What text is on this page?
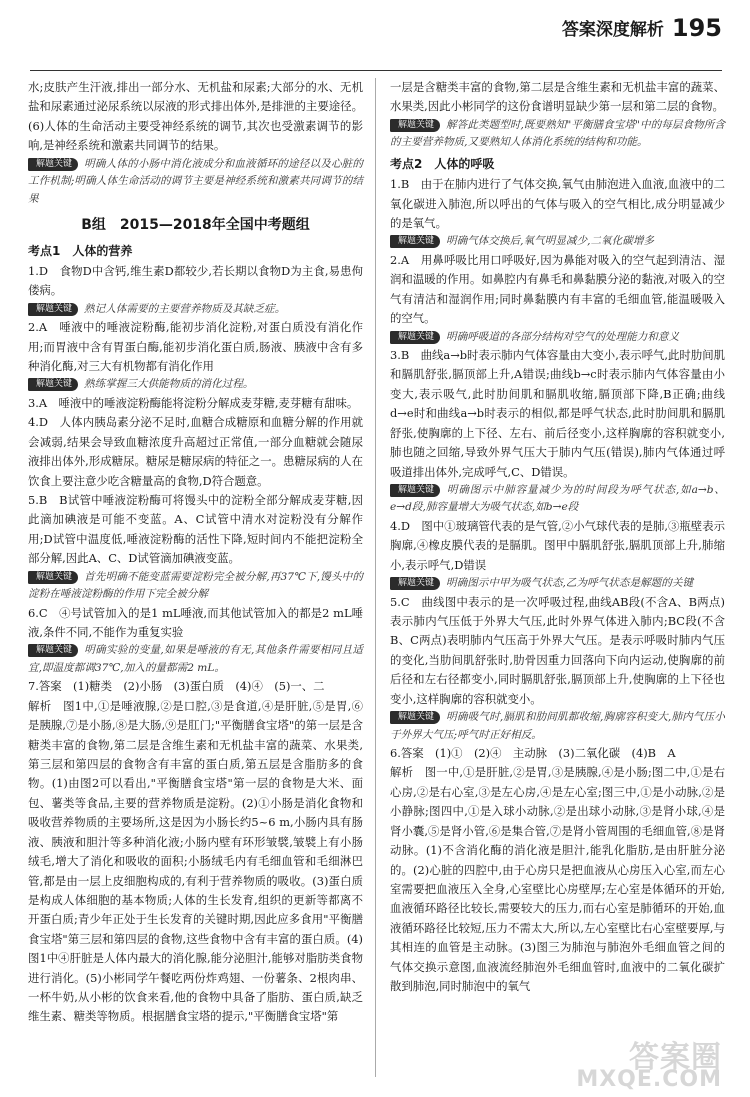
答案深度解析 195

水;皮肤产生汗液,排出一部分水、无机盐和尿素;大部分的水、无机盐和尿素通过泌尿系统以尿液的形式排出体外,是排泄的主要途径。(6)人体的生命活动主要受神经系统的调节,其次也受激素调节的影响,是神经系统和激素共同调节的结果。

解题关键 明确人体的小肠中消化液成分和血液循环的途径以及心脏的工作机制;明确人体生命活动的调节主要是神经系统和激素共同调节的结果

B组　2015—2018年全国中考题组
考点1　人体的营养

1.D　食物D中含钙,维生素D都较少,若长期以食物D为主食,易患佝偻病。

解题关键 熟记人体需要的主要营养物质及其缺乏症。

2.A　唾液中的唾液淀粉酶,能初步消化淀粉,对蛋白质没有消化作用;而胃液中含有胃蛋白酶,能初步消化蛋白质,肠液、胰液中含有多种消化酶,对三大有机物都有消化作用

解题关键 熟练掌握三大供能物质的消化过程。

3.A　唾液中的唾液淀粉酶能将淀粉分解成麦芽糖,麦芽糖有甜味。

4.D　人体内胰岛素分泌不足时,血糖合成糖原和血糖分解的作用就会减弱,结果会导致血糖浓度升高超过正常值,一部分血糖就会随尿液排出体外,形成糖尿。糖尿是糖尿病的特征之一。患糖尿病的人在饮食上要注意少吃含糖量高的食物,D符合题意。

5.B　B试管中唾液淀粉酶可将馒头中的淀粉全部分解成麦芽糖,因此滴加碘液是可能不变蓝。A、C试管中清水对淀粉没有分解作用;D试管中温度低,唾液淀粉酶的活性下降,短时间内不能把淀粉全部分解,因此A、C、D试管滴加碘液变蓝。

解题关键 首先明确不能变蓝需要淀粉完全被分解,再37℃下,馒头中的淀粉在唾液淀粉酶的作用下完全被分解

6.C　④号试管加入的是1 mL唾液,而其他试管加入的都是2 mL唾液,条件不同,不能作为重复实验

解题关键 明确实验的变量,如果是唾液的有无,其他条件需要相同且适宜,即温度都调37℃,加入的量都需2 mL。

7.答案　(1)糖类　(2)小肠　(3)蛋白质　(4)④　(5)一、二

解析　图1中,①是唾液腺,②是口腔,③是食道,④是肝脏,⑤是胃,⑥是胰腺,⑦是小肠,⑧是大肠,⑨是肛门;"平衡膳食宝塔"的第一层是含糖类丰富的食物,第二层是含维生素和无机盐丰富的蔬菜、水果类,第三层和第四层的食物含有丰富的蛋白质,第五层是含脂肪多的食物。(1)由图2可以看出,"平衡膳食宝塔"第一层的食物是大米、面包、薯类等食品,主要的营养物质是淀粉。(2)①小肠是消化食物和吸收营养物质的主要场所,这是因为小肠长约5~6 m,小肠内具有肠液、胰液和胆汁等多种消化液;小肠内壁有环形皱襞,皱襞上有小肠绒毛,增大了消化和吸收的面积;小肠绒毛内有毛细血管和毛细淋巴管,都是由一层上皮细胞构成的,有利于营养物质的吸收。(3)蛋白质是构成人体细胞的基本物质;人体的生长发育,组织的更新等都离不开蛋白质;青少年正处于生长发育的关键时期,因此应多食用"平衡膳食宝塔"第三层和第四层的食物,这些食物中含有丰富的蛋白质。(4)图1中④肝脏是人体内最大的消化腺,能分泌胆汁,能够对脂肪类食物进行消化。(5)小彬同学午餐吃两份炸鸡翅、一份薯条、2根肉串、一杯牛奶,从小彬的饮食来看,他的食物中具备了脂肪、蛋白质,缺乏维生素、糖类等物质。根据膳食宝塔的提示,"平衡膳食宝塔"第

一层是含糖类丰富的食物,第二层是含维生素和无机盐丰富的蔬菜、水果类,因此小彬同学的这份食谱明显缺少第一层和第二层的食物。

解题关键 解答此类题型时,既要熟知"平衡膳食宝塔"中的每层食物所含的主要营养物质,又要熟知人体消化系统的结构和功能。

考点2　人体的呼吸

1.B　由于在肺内进行了气体交换,氧气由肺泡进入血液,血液中的二氧化碳进入肺泡,所以呼出的气体与吸入的空气相比,成分明显减少的是氧气。

解题关键 明确气体交换后,氧气明显减少,二氧化碳增多

2.A　用鼻呼吸比用口呼吸好,因为鼻能对吸入的空气起到清洁、湿润和温暖的作用。如鼻腔内有鼻毛和鼻黏膜分泌的黏液,对吸入的空气有清洁和湿润作用;同时鼻黏膜内有丰富的毛细血管,能温暖吸入的空气。

解题关键 明确呼吸道的各部分结构对空气的处理能力和意义

3.B　曲线a→b时表示肺内气体容量由大变小,表示呼气,此时肋间肌和膈肌舒张,膈顶部上升,A错误;曲线b→c时表示肺内气体容量由小变大,表示吸气,此时肋间肌和膈肌收缩,膈顶部下降,B正确;曲线d→e时和曲线a→b时表示的相似,都是呼气状态,此时肋间肌和膈肌舒张,使胸廓的上下径、左右、前后径变小,这样胸廓的容积就变小,肺也随之回缩,导致外界气压大于肺内气压(错误),肺内气体通过呼吸道排出体外,完成呼气,C、D错误。

解题关键 明确图示中肺容量减少为的时间段为呼气状态,如a→b、e→d段,肺容量增大为吸气状态,如b→e段

4.D　图中①玻璃管代表的是气管,②小气球代表的是肺,③瓶壁表示胸廓,④橡皮膜代表的是膈肌。图甲中膈肌舒张,膈肌顶部上升,肺缩小,表示呼气,D错误

解题关键 明确图示中甲为吸气状态,乙为呼气状态是解题的关键

5.C　曲线图中表示的是一次呼吸过程,曲线AB段(不含A、B两点)表示肺内气压低于外界大气压,此时外界气体进入肺内;BC段(不含B、C两点)表明肺内气压高于外界大气压。是表示呼吸时肺内气压的变化,当肋间肌舒张时,肋骨因重力回落向下向内运动,使胸廓的前后径和左右径都变小,同时膈肌舒张,膈顶部上升,使胸廓的上下径也变小,这样胸廓的容积就变小。

解题关键 明确吸气时,膈肌和肋间肌都收缩,胸廓容积变大,肺内气压小于外界大气压;呼气时正好相反。

6.答案　(1)①　(2)④　主动脉　(3)二氧化碳　(4)B　A

解析　图一中,①是肝脏,②是胃,③是胰腺,④是小肠;图二中,①是右心房,②是右心室,③是左心房,④是左心室;图三中,①是小动脉,②是小静脉;图四中,①是入球小动脉,②是出球小动脉,③是肾小球,④是肾小囊,⑤是肾小管,⑥是集合管,⑦是肾小管周围的毛细血管,⑧是肾动脉。(1)不含消化酶的消化液是胆汁,能乳化脂肪,是由肝脏分泌的。(2)心脏的四腔中,由于心房只是把血液从心房压入心室,而左心室需要把血液压入全身,心室壁比心房壁厚;左心室是体循环的开始,血液循环路径比较长,需要较大的压力,而右心室是肺循环的开始,血液循环路径比较短,压力不需太大,所以,左心室壁比右心室壁要厚,与其相连的血管是主动脉。(3)图三为肺泡与肺泡外毛细血管之间的气体交换示意图,血液流经肺泡外毛细血管时,血液中的二氧化碳扩散到肺泡,同时肺泡中的氧气

答案圈
MXQE.COM
